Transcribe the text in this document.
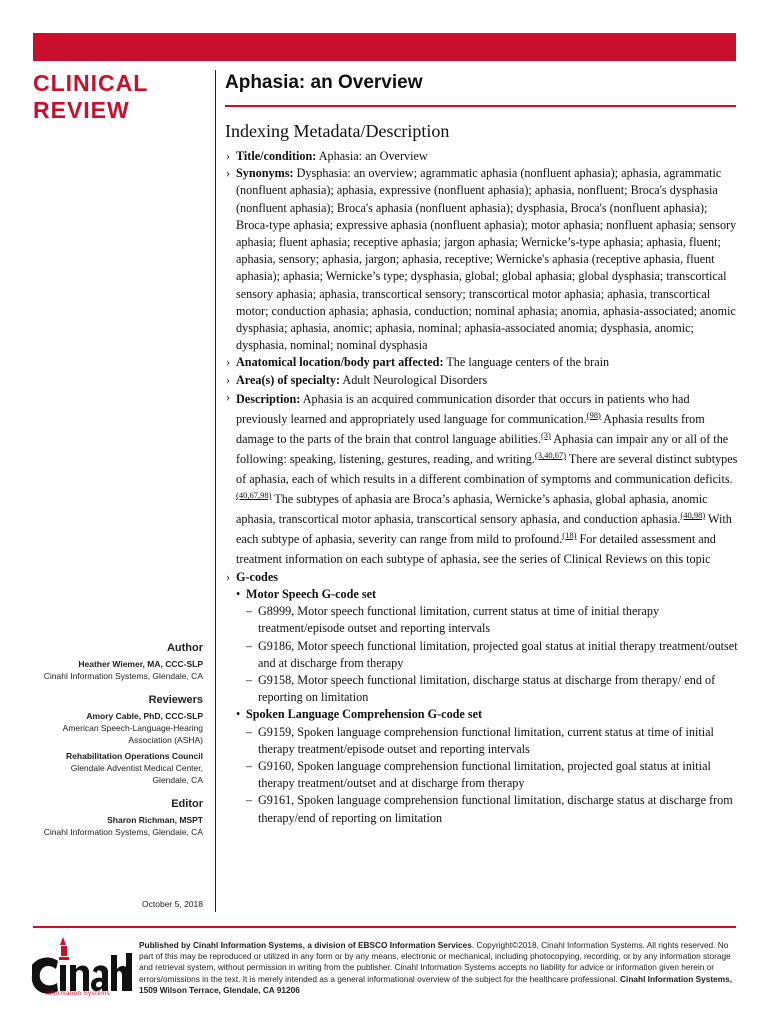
CLINICAL
REVIEW
Aphasia: an Overview
Indexing Metadata/Description
› Title/condition: Aphasia: an Overview
› Synonyms: Dysphasia: an overview; agrammatic aphasia (nonfluent aphasia); aphasia, agrammatic (nonfluent aphasia); aphasia, expressive (nonfluent aphasia); aphasia, nonfluent; Broca's dysphasia (nonfluent aphasia); Broca's aphasia (nonfluent aphasia); dysphasia, Broca's (nonfluent aphasia); Broca-type aphasia; expressive aphasia (nonfluent aphasia); motor aphasia; nonfluent aphasia; sensory aphasia; fluent aphasia; receptive aphasia; jargon aphasia; Wernicke’s-type aphasia; aphasia, fluent; aphasia, sensory; aphasia, jargon; aphasia, receptive; Wernicke's aphasia (receptive aphasia, fluent aphasia); aphasia; Wernicke’s type; dysphasia, global; global aphasia; global dysphasia; transcortical sensory aphasia; aphasia, transcortical sensory; transcortical motor aphasia; aphasia, transcortical motor; conduction aphasia; aphasia, conduction; nominal aphasia; anomia, aphasia-associated; anomic dysphasia; aphasia, anomic; aphasia, nominal; aphasia-associated anomia; dysphasia, anomic; dysphasia, nominal; nominal dysphasia
› Anatomical location/body part affected: The language centers of the brain
› Area(s) of specialty: Adult Neurological Disorders
› Description: Aphasia is an acquired communication disorder that occurs in patients who had previously learned and appropriately used language for communication.$^{(98)}$ Aphasia results from damage to the parts of the brain that control language abilities.$^{(3)}$ Aphasia can impair any or all of the following: speaking, listening, gestures, reading, and writing.$^{(3,40,67)}$ There are several distinct subtypes of aphasia, each of which results in a different combination of symptoms and communication deficits.$^{(40,67,98)}$ The subtypes of aphasia are Broca’s aphasia, Wernicke’s aphasia, global aphasia, anomic aphasia, transcortical motor aphasia, transcortical sensory aphasia, and conduction aphasia.$^{(40,98)}$ With each subtype of aphasia, severity can range from mild to profound.$^{(18)}$ For detailed assessment and treatment information on each subtype of aphasia, see the series of Clinical Reviews on this topic
› G-codes
• Motor Speech G-code set
– G8999, Motor speech functional limitation, current status at time of initial therapy treatment/episode outset and reporting intervals
– G9186, Motor speech functional limitation, projected goal status at initial therapy treatment/outset and at discharge from therapy
– G9158, Motor speech functional limitation, discharge status at discharge from therapy/ end of reporting on limitation
• Spoken Language Comprehension G-code set
– G9159, Spoken language comprehension functional limitation, current status at time of initial therapy treatment/episode outset and reporting intervals
– G9160, Spoken language comprehension functional limitation, projected goal status at initial therapy treatment/outset and at discharge from therapy
– G9161, Spoken language comprehension functional limitation, discharge status at discharge from therapy/end of reporting on limitation
Author
Heather Wiemer, MA, CCC-SLP
Cinahl Information Systems, Glendale, CA
Reviewers
Amory Cable, PhD, CCC-SLP
American Speech-Language-Hearing
Association (ASHA)
Rehabilitation Operations Council
Glendale Adventist Medical Center,
Glendale, CA
Editor
Sharon Richman, MSPT
Cinahl Information Systems, Glendale, CA
October 5, 2018
Information Systems
Published by Cinahl Information Systems, a division of EBSCO Information Services. Copyright©2018, Cinahl Information Systems. All rights reserved. No part of this may be reproduced or utilized in any form or by any means, electronic or mechanical, including photocopying, recording, or by any information storage and retrieval system, without permission in writing from the publisher. Cinahl Information Systems accepts no liability for advice or information given herein or errors/omissions in the text. It is merely intended as a general informational overview of the subject for the healthcare professional. Cinahl Information Systems, 1509 Wilson Terrace, Glendale, CA 91206
